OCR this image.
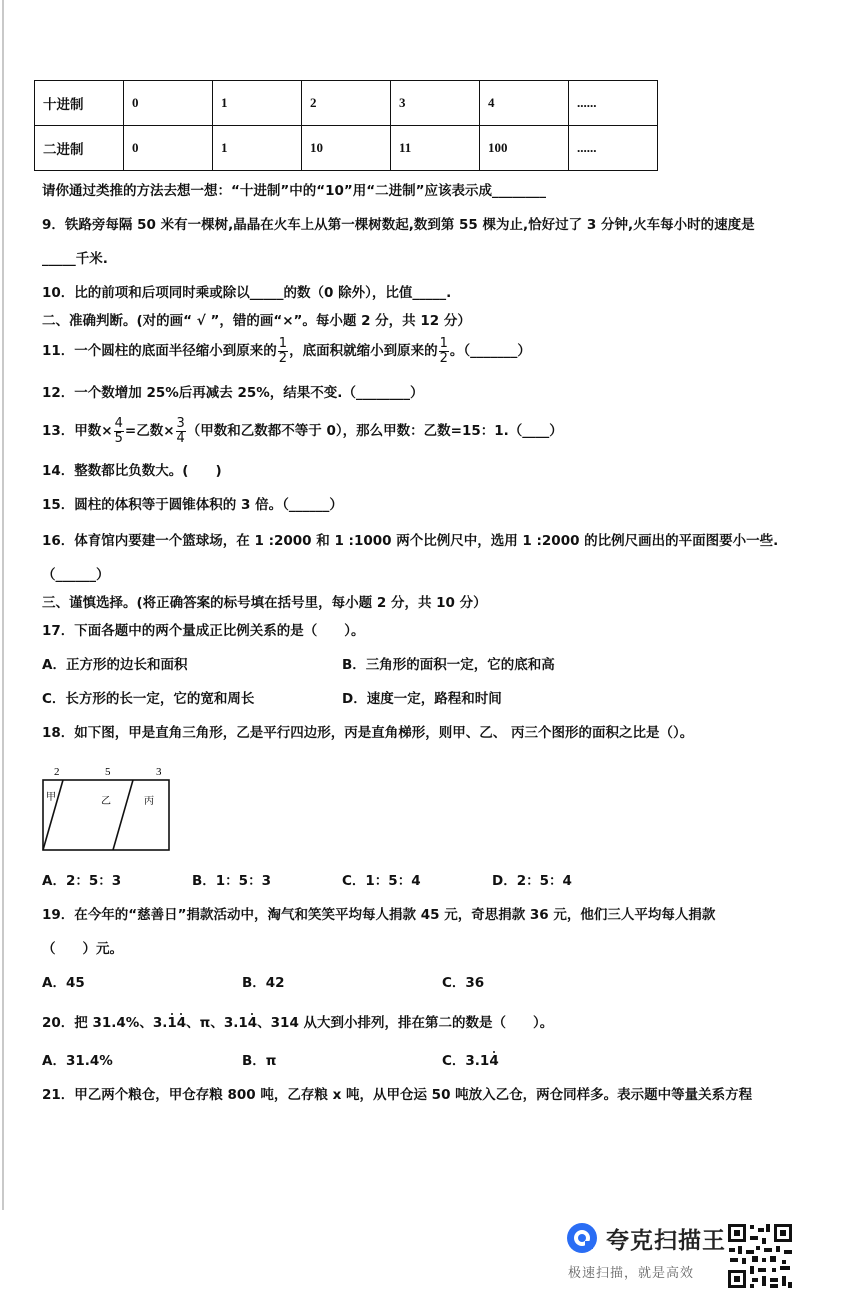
十进制	0	1	2	3	4	......
二进制	0	1	10	11	100	......
请你通过类推的方法去想一想：“十进制”中的“10”用“二进制”应该表示成________
9．铁路旁每隔 50 米有一棵树,晶晶在火车上从第一棵树数起,数到第 55 棵为止,恰好过了 3 分钟,火车每小时的速度是
_____千米.
10．比的前项和后项同时乘或除以_____的数（0 除外），比值_____.
二、准确判断。(对的画“ √ ”，错的画“×”。每小题 2 分，共 12 分）
11．一个圆柱的底面半径缩小到原来的 $\frac{1}{2}$ ，底面积就缩小到原来的 $\frac{1}{2}$ 。（_______）
12．一个数增加 25%后再减去 25%，结果不变.（________）
13．甲数× $\frac{4}{5}$ =乙数× $\frac{3}{4}$ （甲数和乙数都不等于 0），那么甲数：乙数=15：1.（____）
14．整数都比负数大。(　　)
15．圆柱的体积等于圆锥体积的 3 倍。（______）
16．体育馆内要建一个篮球场，在 1 :2000 和 1 :1000 两个比例尺中，选用 1 :2000 的比例尺画出的平面图要小一些.
（______）
三、谨慎选择。(将正确答案的标号填在括号里，每小题 2 分，共 10 分）
17．下面各题中的两个量成正比例关系的是（　　）。
A．正方形的边长和面积	B．三角形的面积一定，它的底和高
C．长方形的长一定，它的宽和周长	D．速度一定，路程和时间
18．如下图，甲是直角三角形，乙是平行四边形，丙是直角梯形，则甲、乙、 丙三个图形的面积之比是（）。
2	5	3
甲	乙	丙
A．2：5：3	B．1：5：3	C．1：5：4	D．2：5：4
19．在今年的“慈善日”捐款活动中，淘气和笑笑平均每人捐款 45 元，奇思捐款 36 元，他们三人平均每人捐款
（　　）元。
A．45	B．42	C．36
20．把 31.4%、3.14、π、3.14、314 从大到小排列，排在第二的数是（　　）。
A．31.4%	B．π	C．3.14
21．甲乙两个粮仓，甲仓存粮 800 吨，乙存粮 x 吨，从甲仓运 50 吨放入乙仓，两仓同样多。表示题中等量关系方程
夸克扫描王
极速扫描，就是高效
